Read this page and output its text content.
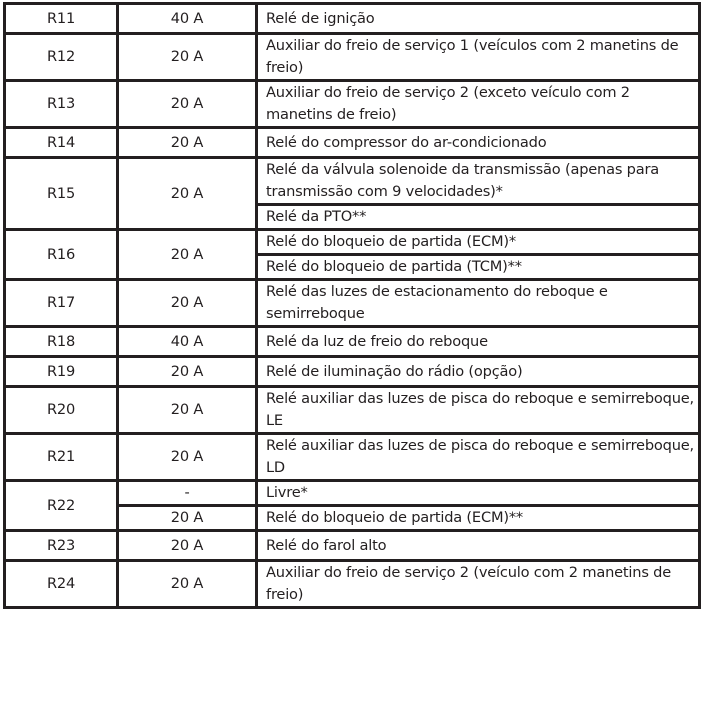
R11	40 A	Relé de ignição
R12	20 A	Auxiliar do freio de serviço 1 (veículos com 2 manetins de freio)
R13	20 A	Auxiliar do freio de serviço 2 (exceto veículo com 2 manetins de freio)
R14	20 A	Relé do compressor do ar-condicionado
R15	20 A	Relé da válvula solenoide da transmissão (apenas para transmissão com 9 velocidades)*
		Relé da PTO**
R16	20 A	Relé do bloqueio de partida (ECM)*
		Relé do bloqueio de partida (TCM)**
R17	20 A	Relé das luzes de estacionamento do reboque e semirreboque
R18	40 A	Relé da luz de freio do reboque
R19	20 A	Relé de iluminação do rádio (opção)
R20	20 A	Relé auxiliar das luzes de pisca do reboque e semirreboque, LE
R21	20 A	Relé auxiliar das luzes de pisca do reboque e semirreboque, LD
R22	-	Livre*
	20 A	Relé do bloqueio de partida (ECM)**
R23	20 A	Relé do farol alto
R24	20 A	Auxiliar do freio de serviço 2 (veículo com 2 manetins de freio)
